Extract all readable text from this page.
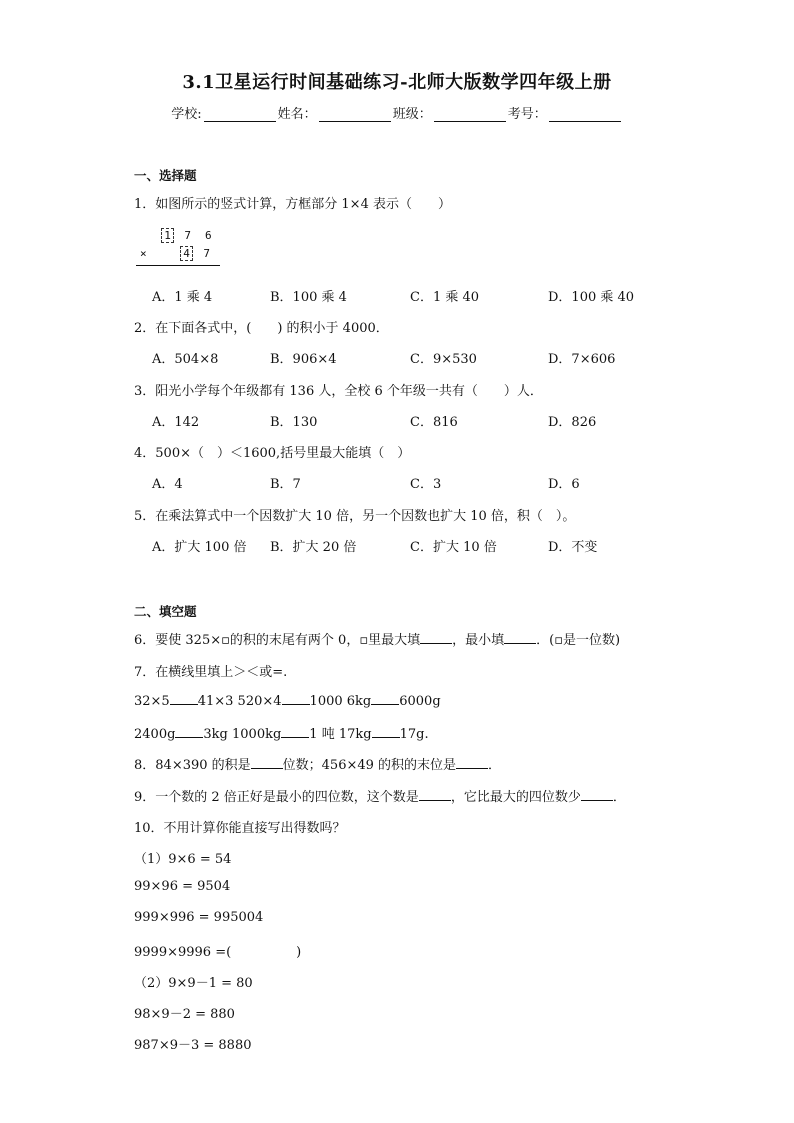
3.1卫星运行时间基础练习-北师大版数学四年级上册
学校:	姓名：	班级：	考号：
一、选择题
1．如图所示的竖式计算，方框部分 1×4 表示（　　）
1 7 6
×	4 7
A．1 乘 4	B．100 乘 4	C．1 乘 40	D．100 乘 40
2．在下面各式中，(　　) 的积小于 4000．
A．504×8	B．906×4	C．9×530	D．7×606
3．阳光小学每个年级都有 136 人，全校 6 个年级一共有（　　）人．
A．142	B．130	C．816	D．826
4．500×（　）＜1600,括号里最大能填（　）
A．4	B．7	C．3	D．6
5．在乘法算式中一个因数扩大 10 倍，另一个因数也扩大 10 倍，积（　）。
A．扩大 100 倍 B．扩大 20 倍	C．扩大 10 倍	D．不变
二、填空题
6．要使 325×▫的积的末尾有两个 0，▫里最大填 ，最小填 ．(▫是一位数)
7．在横线里填上＞＜或=.
32×5 41×3 520×4 1000 6kg 6000g
2400g 3kg 1000kg 1 吨 17kg 17g.
8．84×390 的积是 位数；456×49 的积的末位是 ．
9．一个数的 2 倍正好是最小的四位数，这个数是 ，它比最大的四位数少 ．
10．不用计算你能直接写出得数吗？
（1）9×6 = 54
99×96 = 9504
999×996 = 995004
9999×9996 =(　　　　　)
（2）9×9－1 = 80
98×9－2 = 880
987×9－3 = 8880
